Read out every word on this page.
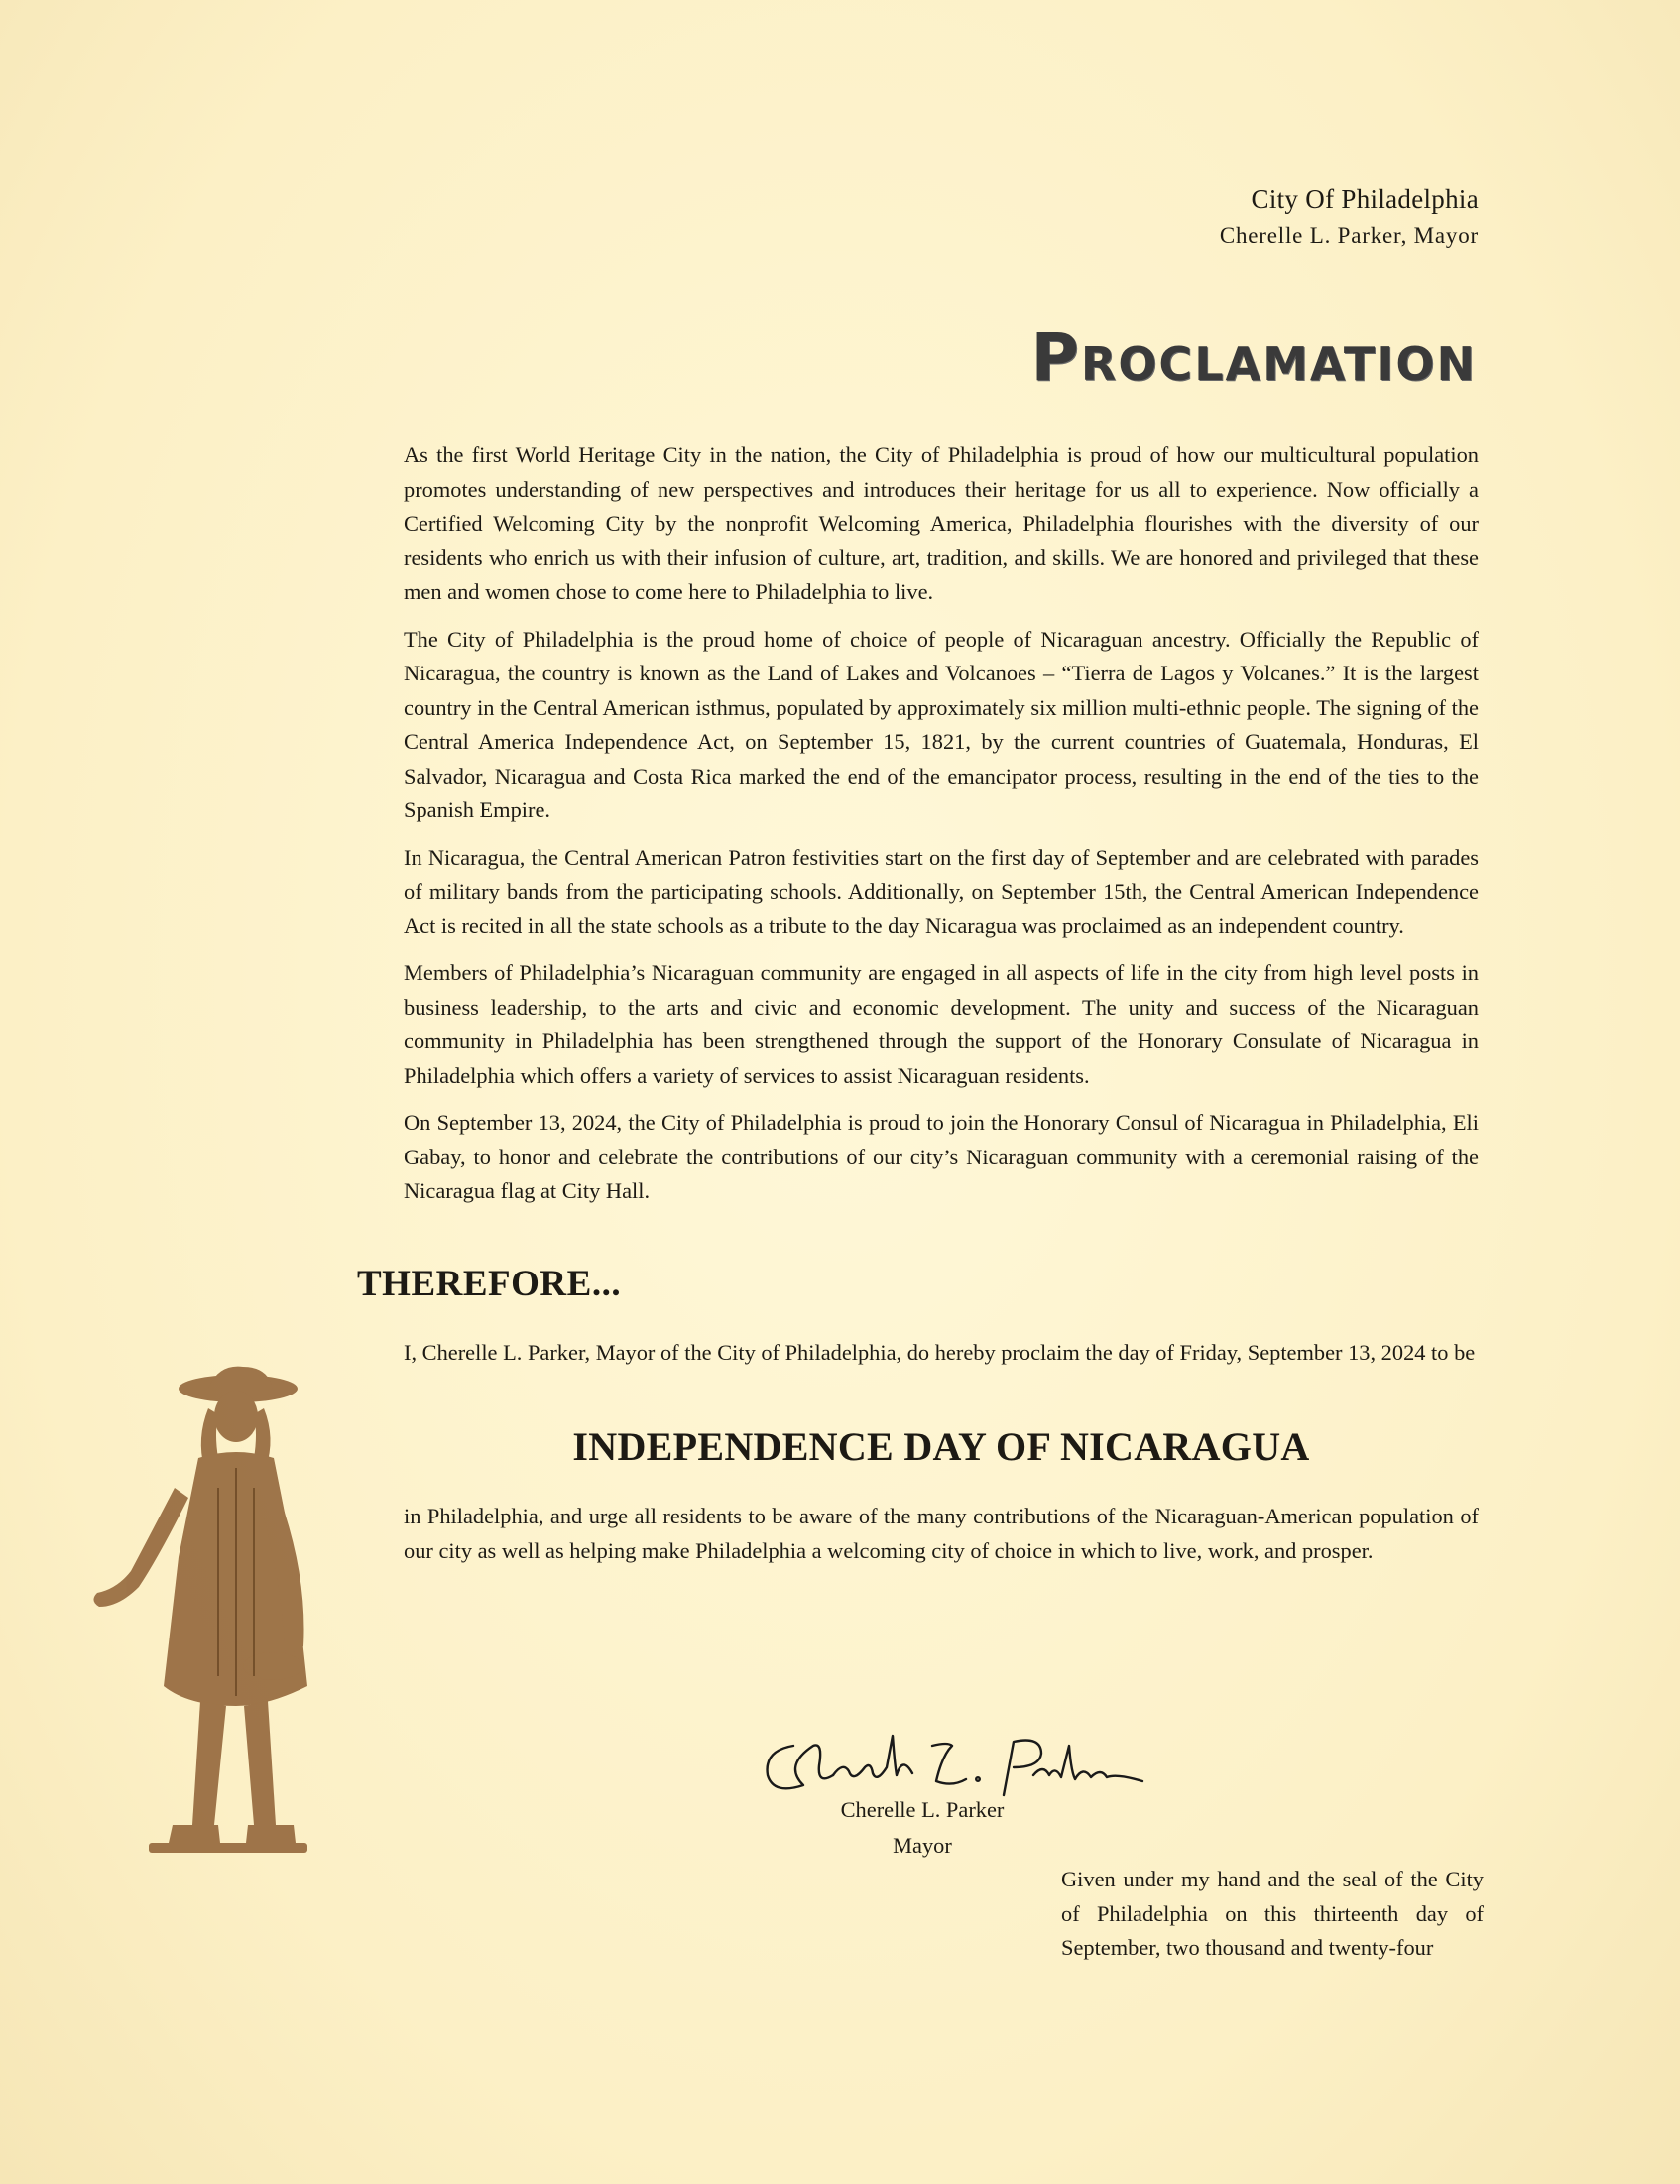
City Of Philadelphia
Cherelle L. Parker, Mayor
Proclamation

As the first World Heritage City in the nation, the City of Philadelphia is proud of how our multicultural population promotes understanding of new perspectives and introduces their heritage for us all to experience. Now officially a Certified Welcoming City by the nonprofit Welcoming America, Philadelphia flourishes with the diversity of our residents who enrich us with their infusion of culture, art, tradition, and skills. We are honored and privileged that these men and women chose to come here to Philadelphia to live.

The City of Philadelphia is the proud home of choice of people of Nicaraguan ancestry. Officially the Republic of Nicaragua, the country is known as the Land of Lakes and Volcanoes – “Tierra de Lagos y Volcanes.” It is the largest country in the Central American isthmus, populated by approximately six million multi-ethnic people. The signing of the Central America Independence Act, on September 15, 1821, by the current countries of Guatemala, Honduras, El Salvador, Nicaragua and Costa Rica marked the end of the emancipator process, resulting in the end of the ties to the Spanish Empire.

In Nicaragua, the Central American Patron festivities start on the first day of September and are celebrated with parades of military bands from the participating schools. Additionally, on September 15th, the Central American Independence Act is recited in all the state schools as a tribute to the day Nicaragua was proclaimed as an independent country.

Members of Philadelphia’s Nicaraguan community are engaged in all aspects of life in the city from high level posts in business leadership, to the arts and civic and economic development. The unity and success of the Nicaraguan community in Philadelphia has been strengthened through the support of the Honorary Consulate of Nicaragua in Philadelphia which offers a variety of services to assist Nicaraguan residents.

On September 13, 2024, the City of Philadelphia is proud to join the Honorary Consul of Nicaragua in Philadelphia, Eli Gabay, to honor and celebrate the contributions of our city’s Nicaraguan community with a ceremonial raising of the Nicaragua flag at City Hall.

THEREFORE...
I, Cherelle L. Parker, Mayor of the City of Philadelphia, do hereby proclaim the day of Friday, September 13, 2024 to be
INDEPENDENCE DAY OF NICARAGUA
in Philadelphia, and urge all residents to be aware of the many contributions of the Nicaraguan-American population of our city as well as helping make Philadelphia a welcoming city of choice in which to live, work, and prosper.
Cherelle L. Parker
Mayor
Given under my hand and the seal of the City of Philadelphia on this thirteenth day of September, two thousand and twenty-four
